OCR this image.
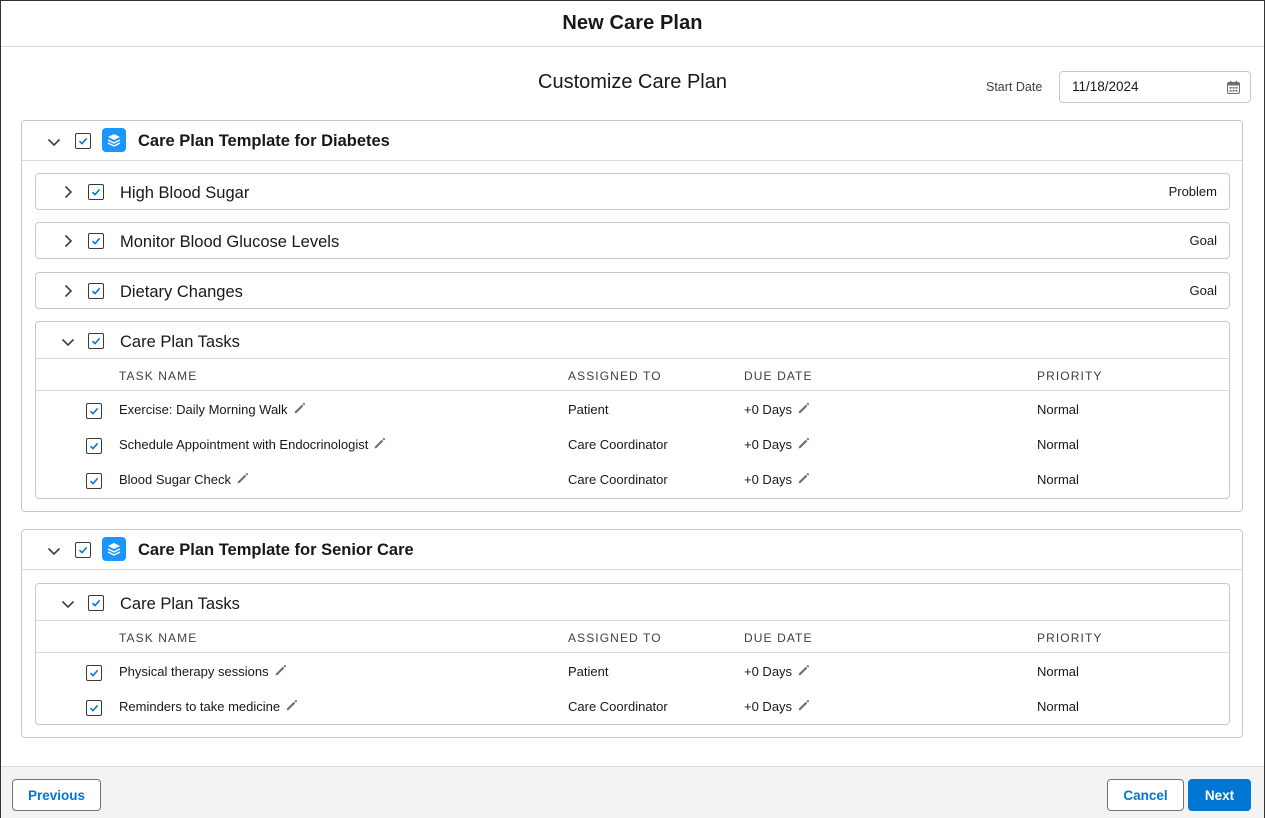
New Care Plan
Customize Care Plan	Start Date	11/18/2024
Care Plan Template for Diabetes
High Blood Sugar	Problem
Monitor Blood Glucose Levels	Goal
Dietary Changes	Goal
Care Plan Tasks
TASK NAME	ASSIGNED TO	DUE DATE	PRIORITY
Exercise: Daily Morning Walk	Patient	+0 Days	Normal
Schedule Appointment with Endocrinologist	Care Coordinator	+0 Days	Normal
Blood Sugar Check	Care Coordinator	+0 Days	Normal
Care Plan Template for Senior Care
Care Plan Tasks
TASK NAME	ASSIGNED TO	DUE DATE	PRIORITY
Physical therapy sessions	Patient	+0 Days	Normal
Reminders to take medicine	Care Coordinator	+0 Days	Normal
Previous	Cancel	Next
